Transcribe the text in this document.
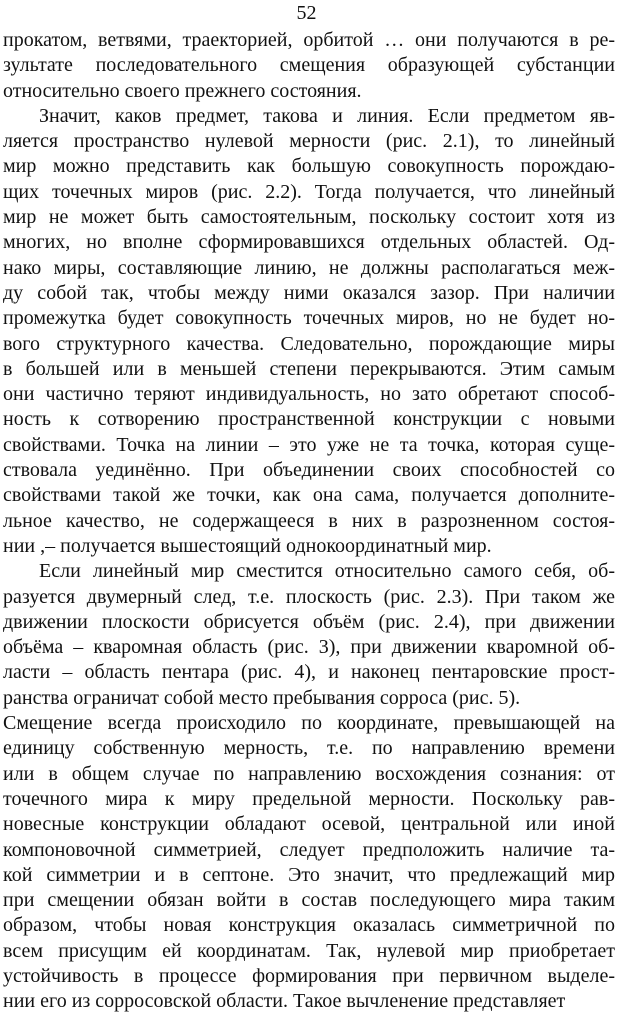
52
прокатом, ветвями, траекторией, орбитой … они получаются в ре-
зультате последовательного смещения образующей субстанции
относительно своего прежнего состояния.
Значит, каков предмет, такова и линия. Если предметом яв-
ляется пространство нулевой мерности (рис. 2.1), то линейный
мир можно представить как большую совокупность порождаю-
щих точечных миров (рис. 2.2). Тогда получается, что линейный
мир не может быть самостоятельным, поскольку состоит хотя из
многих, но вполне сформировавшихся отдельных областей. Од-
нако миры, составляющие линию, не должны располагаться меж-
ду собой так, чтобы между ними оказался зазор. При наличии
промежутка будет совокупность точечных миров, но не будет но-
вого структурного качества. Следовательно, порождающие миры
в большей или в меньшей степени перекрываются. Этим самым
они частично теряют индивидуальность, но зато обретают способ-
ность к сотворению пространственной конструкции с новыми
свойствами. Точка на линии – это уже не та точка, которая суще-
ствовала уединённо. При объединении своих способностей со
свойствами такой же точки, как она сама, получается дополните-
льное качество, не содержащееся в них в разрозненном состоя-
нии ,– получается вышестоящий однокоординатный мир.
Если линейный мир сместится относительно самого себя, об-
разуется двумерный след, т.е. плоскость (рис. 2.3). При таком же
движении плоскости обрисуется объём (рис. 2.4), при движении
объёма – кваромная область (рис. 3), при движении кваромной об-
ласти – область пентара (рис. 4), и наконец пентаровские прост-
ранства ограничат собой место пребывания сорроса (рис. 5).
Смещение всегда происходило по координате, превышающей на
единицу собственную мерность, т.е. по направлению времени
или в общем случае по направлению восхождения сознания: от
точечного мира к миру предельной мерности. Поскольку рав-
новесные конструкции обладают осевой, центральной или иной
компоновочной симметрией, следует предположить наличие та-
кой симметрии и в септоне. Это значит, что предлежащий мир
при смещении обязан войти в состав последующего мира таким
образом, чтобы новая конструкция оказалась симметричной по
всем присущим ей координатам. Так, нулевой мир приобретает
устойчивость в процессе формирования при первичном выделе-
нии его из сорросовской области. Такое вычленение представляет
